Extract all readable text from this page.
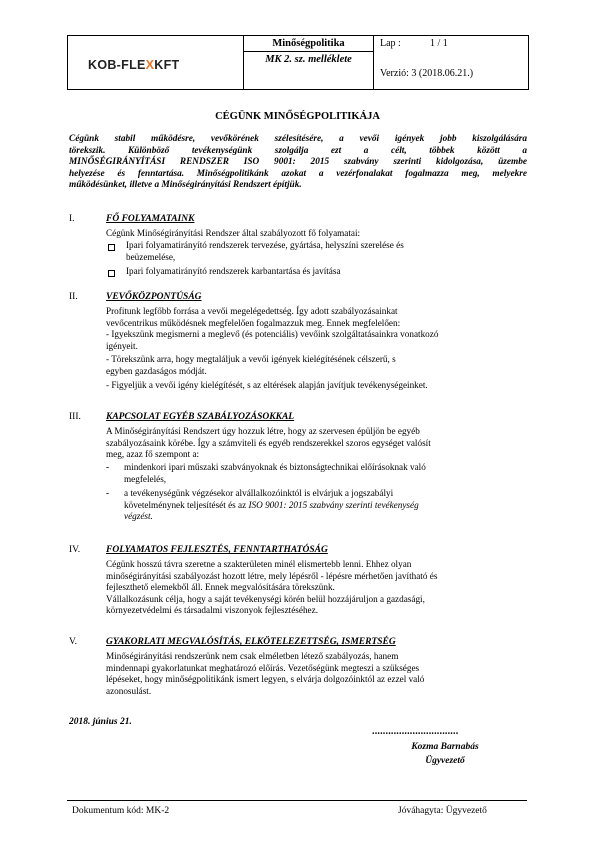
KOB-FLEXKFT
Minőségpolitika
MK 2. sz. melléklete
Lap :	1 / 1
Verzió: 3 (2018.06.21.)
CÉGÜNK MINŐSÉGPOLITIKÁJA
Cégünk stabil működésre, vevőkörének szélesítésére, a vevői igények jobb kiszolgálására
törekszik. Különböző tevékenységünk szolgálja ezt a célt, többek között a
MINŐSÉGIRÁNYÍTÁSI RENDSZER ISO 9001: 2015 szabvány szerinti kidolgozása, üzembe
helyezése és fenntartása. Minőségpolitikánk azokat a vezérfonalakat fogalmazza meg, melyekre
működésünket, illetve a Minőségirányítási Rendszert építjük.
I.	FŐ FOLYAMATAINK
Cégünk Minőségirányítási Rendszer által szabályozott fő folyamatai:
Ipari folyamatirányító rendszerek tervezése, gyártása, helyszíni szerelése és
beüzemelése,
Ipari folyamatirányító rendszerek karbantartása és javítása
II.	VEVŐKÖZPONTÚSÁG
Profitunk legfőbb forrása a vevői megelégedettség. Így adott szabályozásainkat
vevőcentrikus működésnek megfelelően fogalmazzuk meg. Ennek megfelelően:
- Igyekszünk megismerni a meglevő (és potenciális) vevőink szolgáltatásainkra vonatkozó
igényeit.
- Törekszünk arra, hogy megtaláljuk a vevői igények kielégítésének célszerű, s
egyben gazdaságos módját.
- Figyeljük a vevői igény kielégítését, s az eltérések alapján javítjuk tevékenységeinket.
III.	KAPCSOLAT EGYÉB SZABÁLYOZÁSOKKAL
A Minőségirányítási Rendszert úgy hozzuk létre, hogy az szervesen épüljön be egyéb
szabályozásaink körébe. Így a számviteli és egyéb rendszerekkel szoros egységet valósít
meg, azaz fő szempont a:
- mindenkori ipari műszaki szabványoknak és biztonságtechnikai előírásoknak való
megfelelés,
- a tevékenységünk végzésekor alvállalkozóinktól is elvárjuk a jogszabályi
követelménynek teljesítését és az ISO 9001: 2015 szabvány szerinti tevékenység
végzést.
IV.	FOLYAMATOS FEJLESZTÉS, FENNTARTHATÓSÁG
Cégünk hosszú távra szeretne a szakterületen minél elismertebb lenni. Ehhez olyan
minőségirányítási szabályozást hozott létre, mely lépésről - lépésre mérhetően javítható és
fejleszthető elemekből áll. Ennek megvalósítására törekszünk.
Vállalkozásunk célja, hogy a saját tevékenységi körén belül hozzájáruljon a gazdasági,
környezetvédelmi és társadalmi viszonyok fejlesztéséhez.
V.	GYAKORLATI MEGVALÓSÍTÁS, ELKÖTELEZETTSÉG, ISMERTSÉG
Minőségirányítási rendszerünk nem csak elméletben létező szabályozás, hanem
mindennapi gyakorlatunkat meghatározó előírás. Vezetőségünk megteszi a szükséges
lépéseket, hogy minőségpolitikánk ismert legyen, s elvárja dolgozóinktól az ezzel való
azonosulást.
2018. június 21.
................................
Kozma Barnabás
Ügyvezető
Dokumentum kód: MK-2	Jóváhagyta: Ügyvezető
